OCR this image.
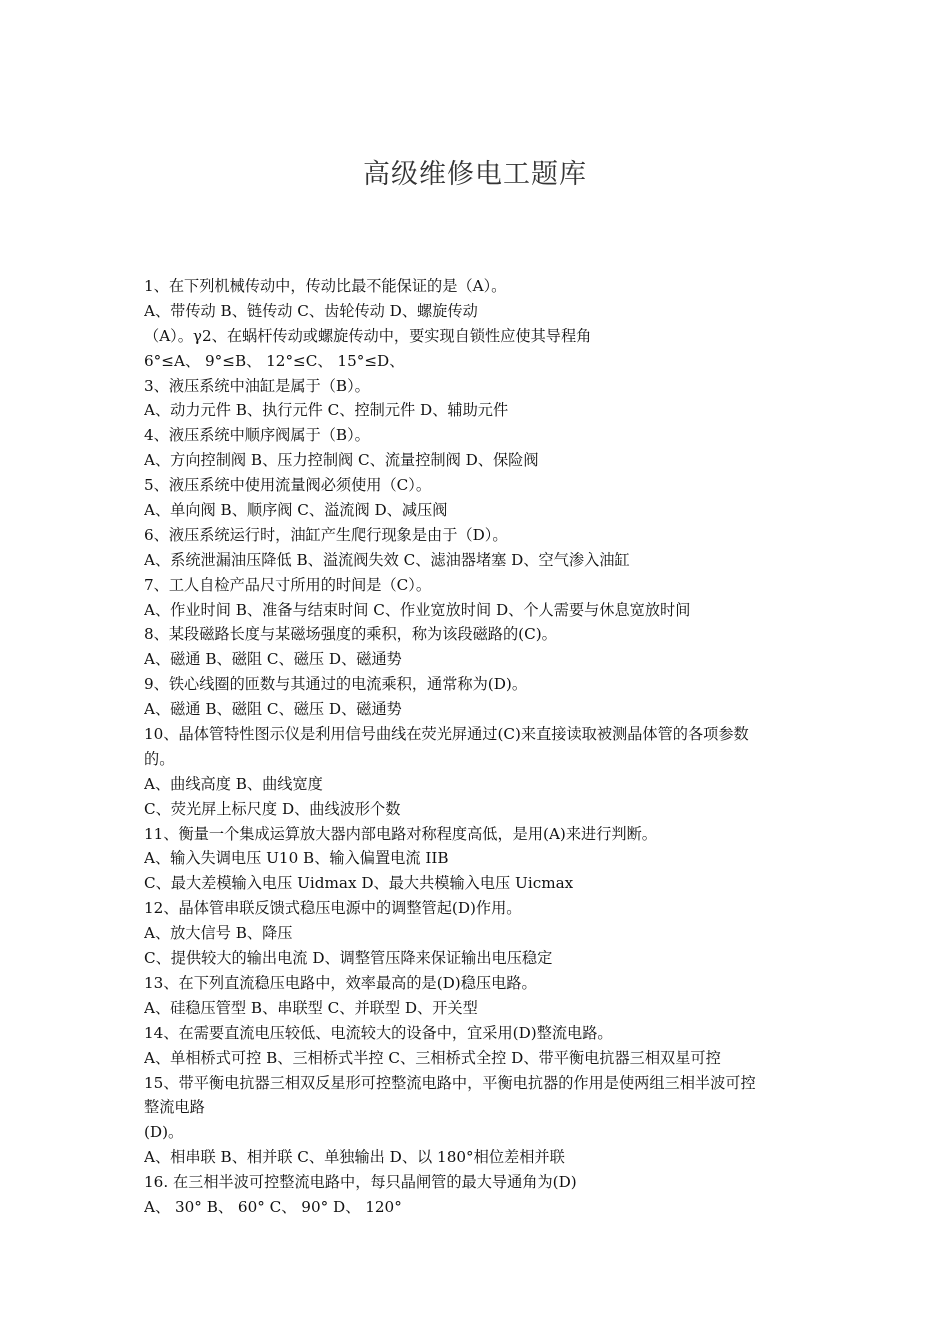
高级维修电工题库
1、在下列机械传动中，传动比最不能保证的是（A）。
A、带传动 B、链传动 C、齿轮传动 D、螺旋传动
（A）。γ2、在蜗杆传动或螺旋传动中，要实现自锁性应使其导程角
6°≤A、 9°≤B、 12°≤C、 15°≤D、
3、液压系统中油缸是属于（B）。
A、动力元件 B、执行元件 C、控制元件 D、辅助元件
4、液压系统中顺序阀属于（B）。
A、方向控制阀 B、压力控制阀 C、流量控制阀 D、保险阀
5、液压系统中使用流量阀必须使用（C）。
A、单向阀 B、顺序阀 C、溢流阀 D、减压阀
6、液压系统运行时，油缸产生爬行现象是由于（D）。
A、系统泄漏油压降低 B、溢流阀失效 C、滤油器堵塞 D、空气渗入油缸
7、工人自检产品尺寸所用的时间是（C）。
A、作业时间 B、准备与结束时间 C、作业宽放时间 D、个人需要与休息宽放时间
8、某段磁路长度与某磁场强度的乘积，称为该段磁路的(C)。
A、磁通 B、磁阻 C、磁压 D、磁通势
9、铁心线圈的匝数与其通过的电流乘积，通常称为(D)。
A、磁通 B、磁阻 C、磁压 D、磁通势
10、晶体管特性图示仪是利用信号曲线在荧光屏通过(C)来直接读取被测晶体管的各项参数
的。
A、曲线高度 B、曲线宽度
C、荧光屏上标尺度 D、曲线波形个数
11、衡量一个集成运算放大器内部电路对称程度高低，是用(A)来进行判断。
A、输入失调电压 U10 B、输入偏置电流 IIB
C、最大差模输入电压 Uidmax D、最大共模输入电压 Uicmax
12、晶体管串联反馈式稳压电源中的调整管起(D)作用。
A、放大信号 B、降压
C、提供较大的输出电流 D、调整管压降来保证输出电压稳定
13、在下列直流稳压电路中，效率最高的是(D)稳压电路。
A、硅稳压管型 B、串联型 C、并联型 D、开关型
14、在需要直流电压较低、电流较大的设备中，宜采用(D)整流电路。
A、单相桥式可控 B、三相桥式半控 C、三相桥式全控 D、带平衡电抗器三相双星可控
15、带平衡电抗器三相双反星形可控整流电路中，平衡电抗器的作用是使两组三相半波可控
整流电路
(D)。
A、相串联 B、相并联 C、单独输出 D、以 180°相位差相并联
16. 在三相半波可控整流电路中，每只晶闸管的最大导通角为(D)
A、 30° B、 60° C、 90° D、 120°
